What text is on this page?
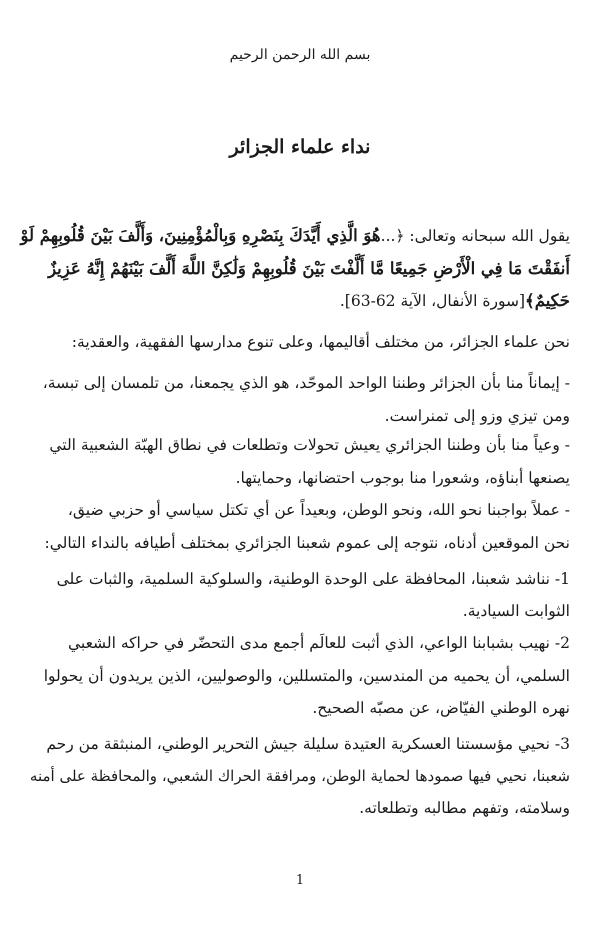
بسم الله الرحمن الرحيم

نداء علماء الجزائر

يقول الله سبحانه وتعالى: ﴿...هُوَ الَّذِي أَيَّدَكَ بِنَصْرِهِ وَبِالْمُؤْمِنِينَ، وَأَلَّفَ بَيْنَ قُلُوبِهِمْ لَوْ

أَنفَقْتَ مَا فِي الْأَرْضِ جَمِيعًا مَّا أَلَّفْتَ بَيْنَ قُلُوبِهِمْ وَلَٰكِنَّ اللَّهَ أَلَّفَ بَيْنَهُمْ إِنَّهُ عَزِيزٌ

حَكِيمٌ﴾[سورة الأنفال، الآية 62-63].

نحن علماء الجزائر، من مختلف أقاليمها، وعلى تنوع مدارسها الفقهية، والعقدية:

- إيماناً منا بأن الجزائر وطننا الواحد الموحّد، هو الذي يجمعنا، من تلمسان إلى تبسة،

ومن تيزي وزو إلى تمنراست.

- وعياً منا بأن وطننا الجزائري يعيش تحولات وتطلعات في نطاق الهبّة الشعبية التي

يصنعها أبناؤه، وشعورا منا بوجوب احتضانها، وحمايتها.

- عملاً بواجبنا نحو الله، ونحو الوطن، وبعيداً عن أي تكتل سياسي أو حزبي ضيق،

نحن الموقعين أدناه، نتوجه إلى عموم شعبنا الجزائري بمختلف أطيافه بالنداء التالي:

1- نناشد شعبنا، المحافظة على الوحدة الوطنية، والسلوكية السلمية، والثبات على

الثوابت السيادية.

2- نهيب بشبابنا الواعي، الذي أثبت للعالَم أجمع مدى التحضّر في حراكه الشعبي

السلمي، أن يحميه من المندسين، والمتسللين، والوصوليين، الذين يريدون أن يحولوا

نهره الوطني الفيّاض، عن مصبّه الصحيح.

3- نحيي مؤسستنا العسكرية العتيدة سليلة جيش التحرير الوطني، المنبثقة من رحم

شعبنا، نحيي فيها صمودها لحماية الوطن، ومرافقة الحراك الشعبي، والمحافظة على أمنه

وسلامته، وتفهم مطالبه وتطلعاته.

1
